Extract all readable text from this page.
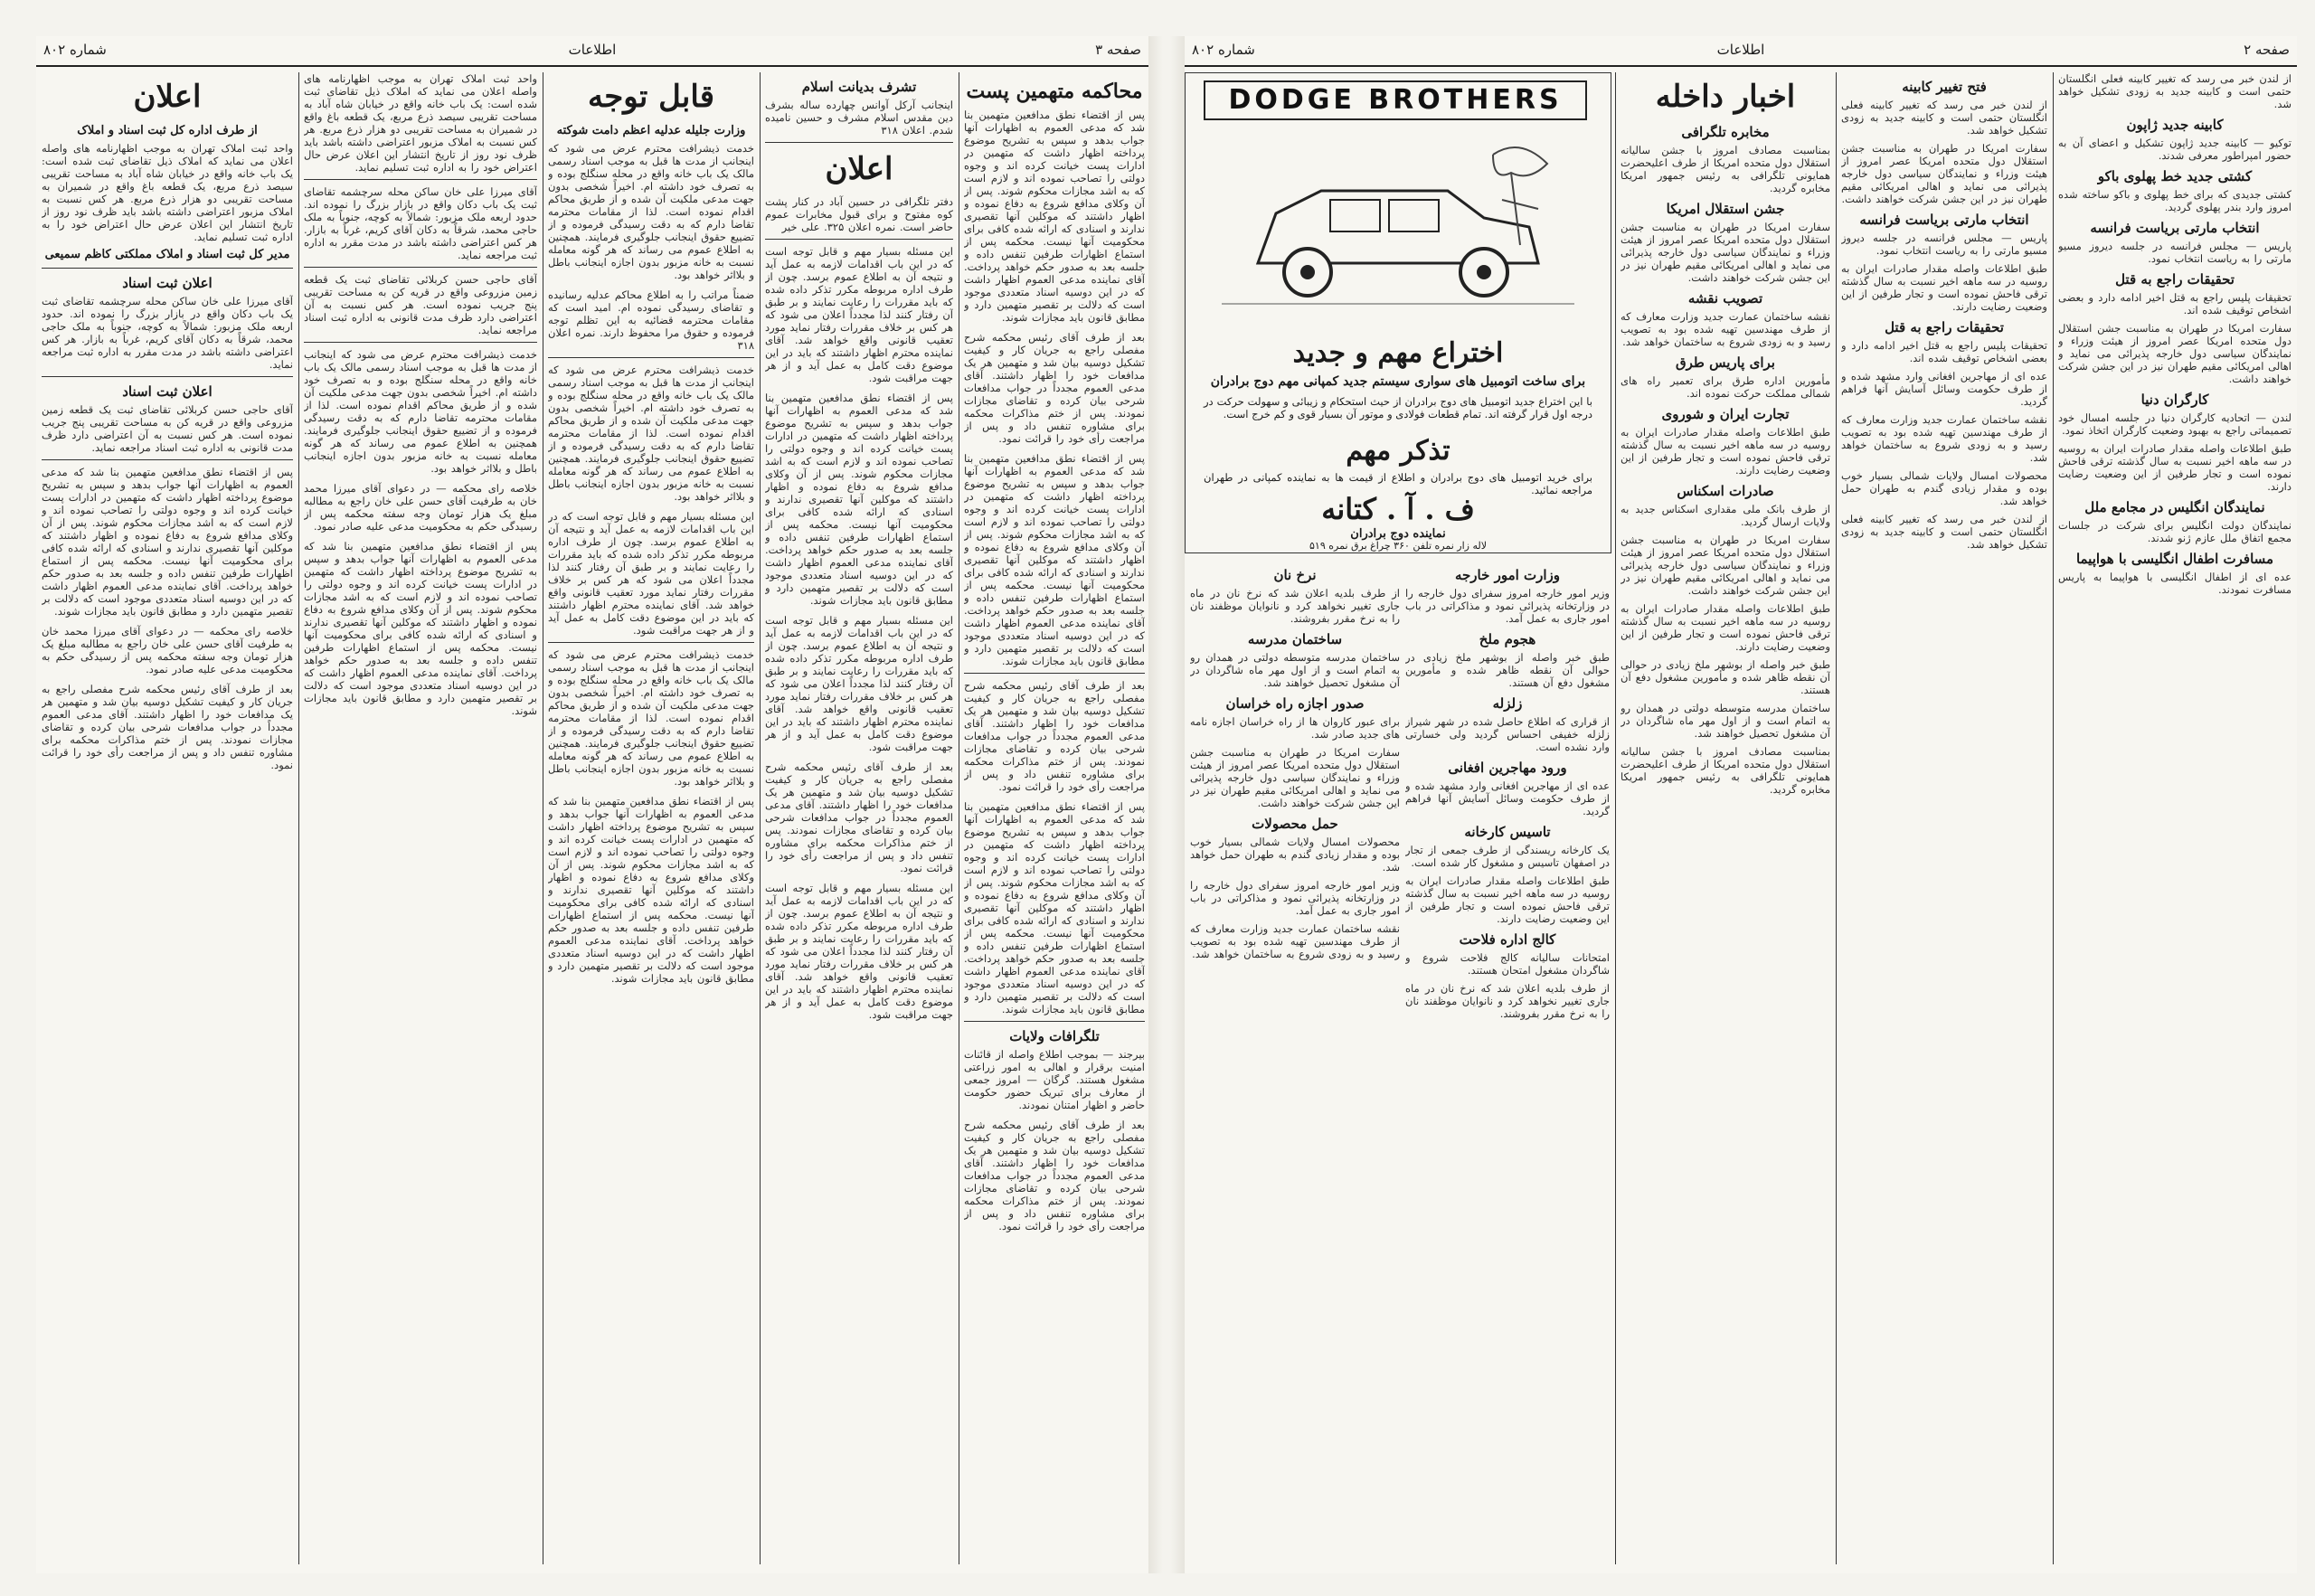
شماره ۸۰۲	اطلاعات	صفحه ۳
محاکمه متهمین پست
پس از اقتضاء نطق مدافعین متهمین بنا شد که مدعی العموم به اظهارات آنها جواب بدهد و سپس به تشریح موضوع پرداخته اظهار داشت که متهمین در ادارات پست خیانت کرده اند و وجوه دولتی را تصاحب نموده اند و لازم است که به اشد مجازات محکوم شوند. پس از آن وکلای مدافع شروع به دفاع نموده و اظهار داشتند که موکلین آنها تقصیری ندارند و اسنادی که ارائه شده کافی برای محکومیت آنها نیست. محکمه پس از استماع اظهارات طرفین تنفس داده و جلسه بعد به صدور حکم خواهد پرداخت. آقای نماینده مدعی العموم اظهار داشت که در این دوسیه اسناد متعددی موجود است که دلالت بر تقصیر متهمین دارد و مطابق قانون باید مجازات شوند.
بعد از طرف آقای رئیس محکمه شرح مفصلی راجع به جریان کار و کیفیت تشکیل دوسیه بیان شد و متهمین هر یک مدافعات خود را اظهار داشتند. آقای مدعی العموم مجدداً در جواب مدافعات شرحی بیان کرده و تقاضای مجازات نمودند. پس از ختم مذاکرات محکمه برای مشاوره تنفس داد و پس از مراجعت رأی خود را قرائت نمود.
پس از اقتضاء نطق مدافعین متهمین بنا شد که مدعی العموم به اظهارات آنها جواب بدهد و سپس به تشریح موضوع پرداخته اظهار داشت که متهمین در ادارات پست خیانت کرده اند و وجوه دولتی را تصاحب نموده اند و لازم است که به اشد مجازات محکوم شوند. پس از آن وکلای مدافع شروع به دفاع نموده و اظهار داشتند که موکلین آنها تقصیری ندارند و اسنادی که ارائه شده کافی برای محکومیت آنها نیست. محکمه پس از استماع اظهارات طرفین تنفس داده و جلسه بعد به صدور حکم خواهد پرداخت. آقای نماینده مدعی العموم اظهار داشت که در این دوسیه اسناد متعددی موجود است که دلالت بر تقصیر متهمین دارد و مطابق قانون باید مجازات شوند.
بعد از طرف آقای رئیس محکمه شرح مفصلی راجع به جریان کار و کیفیت تشکیل دوسیه بیان شد و متهمین هر یک مدافعات خود را اظهار داشتند. آقای مدعی العموم مجدداً در جواب مدافعات شرحی بیان کرده و تقاضای مجازات نمودند. پس از ختم مذاکرات محکمه برای مشاوره تنفس داد و پس از مراجعت رأی خود را قرائت نمود.
پس از اقتضاء نطق مدافعین متهمین بنا شد که مدعی العموم به اظهارات آنها جواب بدهد و سپس به تشریح موضوع پرداخته اظهار داشت که متهمین در ادارات پست خیانت کرده اند و وجوه دولتی را تصاحب نموده اند و لازم است که به اشد مجازات محکوم شوند. پس از آن وکلای مدافع شروع به دفاع نموده و اظهار داشتند که موکلین آنها تقصیری ندارند و اسنادی که ارائه شده کافی برای محکومیت آنها نیست. محکمه پس از استماع اظهارات طرفین تنفس داده و جلسه بعد به صدور حکم خواهد پرداخت. آقای نماینده مدعی العموم اظهار داشت که در این دوسیه اسناد متعددی موجود است که دلالت بر تقصیر متهمین دارد و مطابق قانون باید مجازات شوند.
تلگرافات ولایات
بیرجند — بموجب اطلاع واصله از قائنات امنیت برقرار و اهالی به امور زراعتی مشغول هستند. گرگان — امروز جمعی از معارف برای تبریک حضور حکومت حاضر و اظهار امتنان نمودند.
بعد از طرف آقای رئیس محکمه شرح مفصلی راجع به جریان کار و کیفیت تشکیل دوسیه بیان شد و متهمین هر یک مدافعات خود را اظهار داشتند. آقای مدعی العموم مجدداً در جواب مدافعات شرحی بیان کرده و تقاضای مجازات نمودند. پس از ختم مذاکرات محکمه برای مشاوره تنفس داد و پس از مراجعت رأی خود را قرائت نمود.
تشرف بدیانت اسلام
اینجانب آرکل آوانس چهارده ساله بشرف دین مقدس اسلام مشرف و حسین نامیده شدم. اعلان ۳۱۸
اعلان
دفتر تلگرافی در حسین آباد در کنار پشت کوه مفتوح و برای قبول مخابرات عموم حاضر است. نمره اعلان ۳۲۵. علی خیر
این مسئله بسیار مهم و قابل توجه است که در این باب اقدامات لازمه به عمل آید و نتیجه آن به اطلاع عموم برسد. چون از طرف اداره مربوطه مکرر تذکر داده شده که باید مقررات را رعایت نمایند و بر طبق آن رفتار کنند لذا مجدداً اعلان می شود که هر کس بر خلاف مقررات رفتار نماید مورد تعقیب قانونی واقع خواهد شد. آقای نماینده محترم اظهار داشتند که باید در این موضوع دقت کامل به عمل آید و از هر جهت مراقبت شود.
پس از اقتضاء نطق مدافعین متهمین بنا شد که مدعی العموم به اظهارات آنها جواب بدهد و سپس به تشریح موضوع پرداخته اظهار داشت که متهمین در ادارات پست خیانت کرده اند و وجوه دولتی را تصاحب نموده اند و لازم است که به اشد مجازات محکوم شوند. پس از آن وکلای مدافع شروع به دفاع نموده و اظهار داشتند که موکلین آنها تقصیری ندارند و اسنادی که ارائه شده کافی برای محکومیت آنها نیست. محکمه پس از استماع اظهارات طرفین تنفس داده و جلسه بعد به صدور حکم خواهد پرداخت. آقای نماینده مدعی العموم اظهار داشت که در این دوسیه اسناد متعددی موجود است که دلالت بر تقصیر متهمین دارد و مطابق قانون باید مجازات شوند.
این مسئله بسیار مهم و قابل توجه است که در این باب اقدامات لازمه به عمل آید و نتیجه آن به اطلاع عموم برسد. چون از طرف اداره مربوطه مکرر تذکر داده شده که باید مقررات را رعایت نمایند و بر طبق آن رفتار کنند لذا مجدداً اعلان می شود که هر کس بر خلاف مقررات رفتار نماید مورد تعقیب قانونی واقع خواهد شد. آقای نماینده محترم اظهار داشتند که باید در این موضوع دقت کامل به عمل آید و از هر جهت مراقبت شود.
بعد از طرف آقای رئیس محکمه شرح مفصلی راجع به جریان کار و کیفیت تشکیل دوسیه بیان شد و متهمین هر یک مدافعات خود را اظهار داشتند. آقای مدعی العموم مجدداً در جواب مدافعات شرحی بیان کرده و تقاضای مجازات نمودند. پس از ختم مذاکرات محکمه برای مشاوره تنفس داد و پس از مراجعت رأی خود را قرائت نمود.
این مسئله بسیار مهم و قابل توجه است که در این باب اقدامات لازمه به عمل آید و نتیجه آن به اطلاع عموم برسد. چون از طرف اداره مربوطه مکرر تذکر داده شده که باید مقررات را رعایت نمایند و بر طبق آن رفتار کنند لذا مجدداً اعلان می شود که هر کس بر خلاف مقررات رفتار نماید مورد تعقیب قانونی واقع خواهد شد. آقای نماینده محترم اظهار داشتند که باید در این موضوع دقت کامل به عمل آید و از هر جهت مراقبت شود.
قابل توجه
وزارت جلیله عدلیه اعظم دامت شوکته
خدمت ذیشرافت محترم عرض می شود که اینجانب از مدت ها قبل به موجب اسناد رسمی مالک یک باب خانه واقع در محله سنگلج بوده و به تصرف خود داشته ام. اخیراً شخصی بدون جهت مدعی ملکیت آن شده و از طریق محاکم اقدام نموده است. لذا از مقامات محترمه تقاضا دارم که به دقت رسیدگی فرموده و از تضییع حقوق اینجانب جلوگیری فرمایند. همچنین به اطلاع عموم می رساند که هر گونه معامله نسبت به خانه مزبور بدون اجازه اینجانب باطل و بلااثر خواهد بود.
ضمناً مراتب را به اطلاع محاکم عدلیه رسانیده و تقاضای رسیدگی نموده ام. امید است که مقامات محترمه قضائیه به این تظلم توجه فرموده و حقوق مرا محفوظ دارند. نمره اعلان ۳۱۸
خدمت ذیشرافت محترم عرض می شود که اینجانب از مدت ها قبل به موجب اسناد رسمی مالک یک باب خانه واقع در محله سنگلج بوده و به تصرف خود داشته ام. اخیراً شخصی بدون جهت مدعی ملکیت آن شده و از طریق محاکم اقدام نموده است. لذا از مقامات محترمه تقاضا دارم که به دقت رسیدگی فرموده و از تضییع حقوق اینجانب جلوگیری فرمایند. همچنین به اطلاع عموم می رساند که هر گونه معامله نسبت به خانه مزبور بدون اجازه اینجانب باطل و بلااثر خواهد بود.
این مسئله بسیار مهم و قابل توجه است که در این باب اقدامات لازمه به عمل آید و نتیجه آن به اطلاع عموم برسد. چون از طرف اداره مربوطه مکرر تذکر داده شده که باید مقررات را رعایت نمایند و بر طبق آن رفتار کنند لذا مجدداً اعلان می شود که هر کس بر خلاف مقررات رفتار نماید مورد تعقیب قانونی واقع خواهد شد. آقای نماینده محترم اظهار داشتند که باید در این موضوع دقت کامل به عمل آید و از هر جهت مراقبت شود.
خدمت ذیشرافت محترم عرض می شود که اینجانب از مدت ها قبل به موجب اسناد رسمی مالک یک باب خانه واقع در محله سنگلج بوده و به تصرف خود داشته ام. اخیراً شخصی بدون جهت مدعی ملکیت آن شده و از طریق محاکم اقدام نموده است. لذا از مقامات محترمه تقاضا دارم که به دقت رسیدگی فرموده و از تضییع حقوق اینجانب جلوگیری فرمایند. همچنین به اطلاع عموم می رساند که هر گونه معامله نسبت به خانه مزبور بدون اجازه اینجانب باطل و بلااثر خواهد بود.
پس از اقتضاء نطق مدافعین متهمین بنا شد که مدعی العموم به اظهارات آنها جواب بدهد و سپس به تشریح موضوع پرداخته اظهار داشت که متهمین در ادارات پست خیانت کرده اند و وجوه دولتی را تصاحب نموده اند و لازم است که به اشد مجازات محکوم شوند. پس از آن وکلای مدافع شروع به دفاع نموده و اظهار داشتند که موکلین آنها تقصیری ندارند و اسنادی که ارائه شده کافی برای محکومیت آنها نیست. محکمه پس از استماع اظهارات طرفین تنفس داده و جلسه بعد به صدور حکم خواهد پرداخت. آقای نماینده مدعی العموم اظهار داشت که در این دوسیه اسناد متعددی موجود است که دلالت بر تقصیر متهمین دارد و مطابق قانون باید مجازات شوند.
اعلان
از طرف اداره کل ثبت اسناد و املاک
واحد ثبت املاک تهران به موجب اظهارنامه های واصله اعلان می نماید که املاک ذیل تقاضای ثبت شده است: یک باب خانه واقع در خیابان شاه آباد به مساحت تقریبی سیصد ذرع مربع، یک قطعه باغ واقع در شمیران به مساحت تقریبی دو هزار ذرع مربع. هر کس نسبت به املاک مزبور اعتراضی داشته باشد باید ظرف نود روز از تاریخ انتشار این اعلان عرض حال اعتراض خود را به اداره ثبت تسلیم نماید.
مدیر کل ثبت اسناد و املاک مملکتی کاظم سمیعی
اعلان ثبت اسناد
آقای میرزا علی خان ساکن محله سرچشمه تقاضای ثبت یک باب دکان واقع در بازار بزرگ را نموده اند. حدود اربعه ملک مزبور: شمالاً به کوچه، جنوباً به ملک حاجی محمد، شرقاً به دکان آقای کریم، غرباً به بازار. هر کس اعتراضی داشته باشد در مدت مقرر به اداره ثبت مراجعه نماید.
اعلان ثبت اسناد
آقای حاجی حسن کربلائی تقاضای ثبت یک قطعه زمین مزروعی واقع در قریه کن به مساحت تقریبی پنج جریب نموده است. هر کس نسبت به آن اعتراضی دارد ظرف مدت قانونی به اداره ثبت اسناد مراجعه نماید.
پس از اقتضاء نطق مدافعین متهمین بنا شد که مدعی العموم به اظهارات آنها جواب بدهد و سپس به تشریح موضوع پرداخته اظهار داشت که متهمین در ادارات پست خیانت کرده اند و وجوه دولتی را تصاحب نموده اند و لازم است که به اشد مجازات محکوم شوند. پس از آن وکلای مدافع شروع به دفاع نموده و اظهار داشتند که موکلین آنها تقصیری ندارند و اسنادی که ارائه شده کافی برای محکومیت آنها نیست. محکمه پس از استماع اظهارات طرفین تنفس داده و جلسه بعد به صدور حکم خواهد پرداخت. آقای نماینده مدعی العموم اظهار داشت که در این دوسیه اسناد متعددی موجود است که دلالت بر تقصیر متهمین دارد و مطابق قانون باید مجازات شوند.
خلاصه رای محکمه — در دعوای آقای میرزا محمد خان به طرفیت آقای حسن علی خان راجع به مطالبه مبلغ یک هزار تومان وجه سفته محکمه پس از رسیدگی حکم به محکومیت مدعی علیه صادر نمود.
بعد از طرف آقای رئیس محکمه شرح مفصلی راجع به جریان کار و کیفیت تشکیل دوسیه بیان شد و متهمین هر یک مدافعات خود را اظهار داشتند. آقای مدعی العموم مجدداً در جواب مدافعات شرحی بیان کرده و تقاضای مجازات نمودند. پس از ختم مذاکرات محکمه برای مشاوره تنفس داد و پس از مراجعت رأی خود را قرائت نمود.
واحد ثبت املاک تهران به موجب اظهارنامه های واصله اعلان می نماید که املاک ذیل تقاضای ثبت شده است: یک باب خانه واقع در خیابان شاه آباد به مساحت تقریبی سیصد ذرع مربع، یک قطعه باغ واقع در شمیران به مساحت تقریبی دو هزار ذرع مربع. هر کس نسبت به املاک مزبور اعتراضی داشته باشد باید ظرف نود روز از تاریخ انتشار این اعلان عرض حال اعتراض خود را به اداره ثبت تسلیم نماید.
آقای میرزا علی خان ساکن محله سرچشمه تقاضای ثبت یک باب دکان واقع در بازار بزرگ را نموده اند. حدود اربعه ملک مزبور: شمالاً به کوچه، جنوباً به ملک حاجی محمد، شرقاً به دکان آقای کریم، غرباً به بازار. هر کس اعتراضی داشته باشد در مدت مقرر به اداره ثبت مراجعه نماید.
آقای حاجی حسن کربلائی تقاضای ثبت یک قطعه زمین مزروعی واقع در قریه کن به مساحت تقریبی پنج جریب نموده است. هر کس نسبت به آن اعتراضی دارد ظرف مدت قانونی به اداره ثبت اسناد مراجعه نماید.
خدمت ذیشرافت محترم عرض می شود که اینجانب از مدت ها قبل به موجب اسناد رسمی مالک یک باب خانه واقع در محله سنگلج بوده و به تصرف خود داشته ام. اخیراً شخصی بدون جهت مدعی ملکیت آن شده و از طریق محاکم اقدام نموده است. لذا از مقامات محترمه تقاضا دارم که به دقت رسیدگی فرموده و از تضییع حقوق اینجانب جلوگیری فرمایند. همچنین به اطلاع عموم می رساند که هر گونه معامله نسبت به خانه مزبور بدون اجازه اینجانب باطل و بلااثر خواهد بود.
خلاصه رای محکمه — در دعوای آقای میرزا محمد خان به طرفیت آقای حسن علی خان راجع به مطالبه مبلغ یک هزار تومان وجه سفته محکمه پس از رسیدگی حکم به محکومیت مدعی علیه صادر نمود.
پس از اقتضاء نطق مدافعین متهمین بنا شد که مدعی العموم به اظهارات آنها جواب بدهد و سپس به تشریح موضوع پرداخته اظهار داشت که متهمین در ادارات پست خیانت کرده اند و وجوه دولتی را تصاحب نموده اند و لازم است که به اشد مجازات محکوم شوند. پس از آن وکلای مدافع شروع به دفاع نموده و اظهار داشتند که موکلین آنها تقصیری ندارند و اسنادی که ارائه شده کافی برای محکومیت آنها نیست. محکمه پس از استماع اظهارات طرفین تنفس داده و جلسه بعد به صدور حکم خواهد پرداخت. آقای نماینده مدعی العموم اظهار داشت که در این دوسیه اسناد متعددی موجود است که دلالت بر تقصیر متهمین دارد و مطابق قانون باید مجازات شوند.
شماره ۸۰۲	اطلاعات	صفحه ۲
DODGE BROTHERS
اختراع مهم و جدید
برای ساخت اتومبیل های سواری سیستم جدید کمپانی مهم دوج برادران
با این اختراع جدید اتومبیل های دوج برادران از حیث استحکام و زیبائی و سهولت حرکت در درجه اول قرار گرفته اند. تمام قطعات فولادی و موتور آن بسیار قوی و کم خرج است.
تذکر مهم
برای خرید اتومبیل های دوج برادران و اطلاع از قیمت ها به نماینده کمپانی در طهران مراجعه نمائید.
ف . آ . کتانه
نماینده دوج برادران
لاله زار نمره تلفن ۳۶۰ چراغ برق نمره ۵۱۹
وزارت امور خارجه
وزیر امور خارجه امروز سفرای دول خارجه را در وزارتخانه پذیرائی نمود و مذاکراتی در باب امور جاری به عمل آمد.
هجوم ملخ
طبق خبر واصله از بوشهر ملخ زیادی در حوالی آن نقطه ظاهر شده و مأمورین مشغول دفع آن هستند.
زلزله
از قراری که اطلاع حاصل شده در شهر شیراز زلزله خفیفی احساس گردید ولی خسارتی وارد نشده است.
ورود مهاجرین افغانی
عده ای از مهاجرین افغانی وارد مشهد شده و از طرف حکومت وسائل آسایش آنها فراهم گردید.
تاسیس کارخانه
یک کارخانه ریسندگی از طرف جمعی از تجار در اصفهان تاسیس و مشغول کار شده است.
طبق اطلاعات واصله مقدار صادرات ایران به روسیه در سه ماهه اخیر نسبت به سال گذشته ترقی فاحش نموده است و تجار طرفین از این وضعیت رضایت دارند.
کالج اداره فلاحت
امتحانات سالیانه کالج فلاحت شروع و شاگردان مشغول امتحان هستند.
از طرف بلدیه اعلان شد که نرخ نان در ماه جاری تغییر نخواهد کرد و نانوایان موظفند نان را به نرخ مقرر بفروشند.
نرخ نان
از طرف بلدیه اعلان شد که نرخ نان در ماه جاری تغییر نخواهد کرد و نانوایان موظفند نان را به نرخ مقرر بفروشند.
ساختمان مدرسه
ساختمان مدرسه متوسطه دولتی در همدان رو به اتمام است و از اول مهر ماه شاگردان در آن مشغول تحصیل خواهند شد.
صدور اجازه راه خراسان
برای عبور کاروان ها از راه خراسان اجازه نامه های جدید صادر شد.
سفارت امریکا در طهران به مناسبت جشن استقلال دول متحده امریکا عصر امروز از هیئت وزراء و نمایندگان سیاسی دول خارجه پذیرائی می نماید و اهالی امریکائی مقیم طهران نیز در این جشن شرکت خواهند داشت.
حمل محصولات
محصولات امسال ولایات شمالی بسیار خوب بوده و مقدار زیادی گندم به طهران حمل خواهد شد.
وزیر امور خارجه امروز سفرای دول خارجه را در وزارتخانه پذیرائی نمود و مذاکراتی در باب امور جاری به عمل آمد.
نقشه ساختمان عمارت جدید وزارت معارف که از طرف مهندسین تهیه شده بود به تصویب رسید و به زودی شروع به ساختمان خواهد شد.
اخبار داخله
مخابره تلگرافی
بمناسبت مصادف امروز با جشن سالیانه استقلال دول متحده امریکا از طرف اعلیحضرت همایونی تلگرافی به رئیس جمهور امریکا مخابره گردید.
جشن استقلال امریکا
سفارت امریکا در طهران به مناسبت جشن استقلال دول متحده امریکا عصر امروز از هیئت وزراء و نمایندگان سیاسی دول خارجه پذیرائی می نماید و اهالی امریکائی مقیم طهران نیز در این جشن شرکت خواهند داشت.
تصویب نقشه
نقشه ساختمان عمارت جدید وزارت معارف که از طرف مهندسین تهیه شده بود به تصویب رسید و به زودی شروع به ساختمان خواهد شد.
برای پاریس طرق
مأمورین اداره طرق برای تعمیر راه های شمالی مملکت حرکت نموده اند.
تجارت ایران و شوروی
طبق اطلاعات واصله مقدار صادرات ایران به روسیه در سه ماهه اخیر نسبت به سال گذشته ترقی فاحش نموده است و تجار طرفین از این وضعیت رضایت دارند.
صادرات اسکناس
از طرف بانک ملی مقداری اسکناس جدید به ولایات ارسال گردید.
سفارت امریکا در طهران به مناسبت جشن استقلال دول متحده امریکا عصر امروز از هیئت وزراء و نمایندگان سیاسی دول خارجه پذیرائی می نماید و اهالی امریکائی مقیم طهران نیز در این جشن شرکت خواهند داشت.
طبق اطلاعات واصله مقدار صادرات ایران به روسیه در سه ماهه اخیر نسبت به سال گذشته ترقی فاحش نموده است و تجار طرفین از این وضعیت رضایت دارند.
طبق خبر واصله از بوشهر ملخ زیادی در حوالی آن نقطه ظاهر شده و مأمورین مشغول دفع آن هستند.
ساختمان مدرسه متوسطه دولتی در همدان رو به اتمام است و از اول مهر ماه شاگردان در آن مشغول تحصیل خواهند شد.
بمناسبت مصادف امروز با جشن سالیانه استقلال دول متحده امریکا از طرف اعلیحضرت همایونی تلگرافی به رئیس جمهور امریکا مخابره گردید.
فتح تغییر کابینه
از لندن خبر می رسد که تغییر کابینه فعلی انگلستان حتمی است و کابینه جدید به زودی تشکیل خواهد شد.
سفارت امریکا در طهران به مناسبت جشن استقلال دول متحده امریکا عصر امروز از هیئت وزراء و نمایندگان سیاسی دول خارجه پذیرائی می نماید و اهالی امریکائی مقیم طهران نیز در این جشن شرکت خواهند داشت.
انتخاب مارتی بریاست فرانسه
پاریس — مجلس فرانسه در جلسه دیروز مسیو مارتی را به ریاست انتخاب نمود.
طبق اطلاعات واصله مقدار صادرات ایران به روسیه در سه ماهه اخیر نسبت به سال گذشته ترقی فاحش نموده است و تجار طرفین از این وضعیت رضایت دارند.
تحقیقات راجع به قتل
تحقیقات پلیس راجع به قتل اخیر ادامه دارد و بعضی اشخاص توقیف شده اند.
عده ای از مهاجرین افغانی وارد مشهد شده و از طرف حکومت وسائل آسایش آنها فراهم گردید.
نقشه ساختمان عمارت جدید وزارت معارف که از طرف مهندسین تهیه شده بود به تصویب رسید و به زودی شروع به ساختمان خواهد شد.
محصولات امسال ولایات شمالی بسیار خوب بوده و مقدار زیادی گندم به طهران حمل خواهد شد.
از لندن خبر می رسد که تغییر کابینه فعلی انگلستان حتمی است و کابینه جدید به زودی تشکیل خواهد شد.
از لندن خبر می رسد که تغییر کابینه فعلی انگلستان حتمی است و کابینه جدید به زودی تشکیل خواهد شد.
کابینه جدید ژاپون
توکیو — کابینه جدید ژاپون تشکیل و اعضای آن به حضور امپراطور معرفی شدند.
کشتی جدید خط پهلوی باکو
کشتی جدیدی که برای خط پهلوی و باکو ساخته شده امروز وارد بندر پهلوی گردید.
انتخاب مارتی بریاست فرانسه
پاریس — مجلس فرانسه در جلسه دیروز مسیو مارتی را به ریاست انتخاب نمود.
تحقیقات راجع به قتل
تحقیقات پلیس راجع به قتل اخیر ادامه دارد و بعضی اشخاص توقیف شده اند.
سفارت امریکا در طهران به مناسبت جشن استقلال دول متحده امریکا عصر امروز از هیئت وزراء و نمایندگان سیاسی دول خارجه پذیرائی می نماید و اهالی امریکائی مقیم طهران نیز در این جشن شرکت خواهند داشت.
کارگران دنیا
لندن — اتحادیه کارگران دنیا در جلسه امسال خود تصمیماتی راجع به بهبود وضعیت کارگران اتخاذ نمود.
طبق اطلاعات واصله مقدار صادرات ایران به روسیه در سه ماهه اخیر نسبت به سال گذشته ترقی فاحش نموده است و تجار طرفین از این وضعیت رضایت دارند.
نمایندگان انگلیس در مجامع ملل
نمایندگان دولت انگلیس برای شرکت در جلسات مجمع اتفاق ملل عازم ژنو شدند.
مسافرت اطفال انگلیسی با هواپیما
عده ای از اطفال انگلیسی با هواپیما به پاریس مسافرت نمودند.
